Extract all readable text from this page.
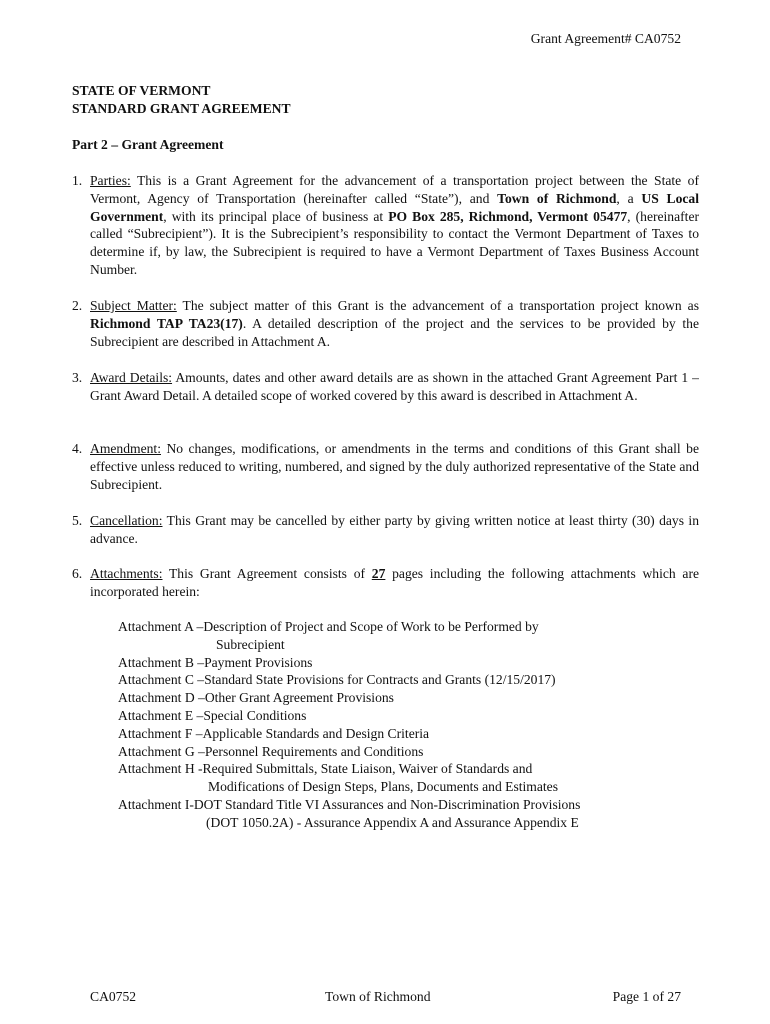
Grant Agreement# CA0752
STATE OF VERMONT
STANDARD GRANT AGREEMENT
Part 2 – Grant Agreement
1. Parties: This is a Grant Agreement for the advancement of a transportation project between the State of Vermont, Agency of Transportation (hereinafter called “State”), and Town of Richmond, a US Local Government, with its principal place of business at PO Box 285, Richmond, Vermont 05477, (hereinafter called “Subrecipient”). It is the Subrecipient’s responsibility to contact the Vermont Department of Taxes to determine if, by law, the Subrecipient is required to have a Vermont Department of Taxes Business Account Number.
2. Subject Matter: The subject matter of this Grant is the advancement of a transportation project known as Richmond TAP TA23(17). A detailed description of the project and the services to be provided by the Subrecipient are described in Attachment A.
3. Award Details: Amounts, dates and other award details are as shown in the attached Grant Agreement Part 1 – Grant Award Detail. A detailed scope of worked covered by this award is described in Attachment A.
4. Amendment: No changes, modifications, or amendments in the terms and conditions of this Grant shall be effective unless reduced to writing, numbered, and signed by the duly authorized representative of the State and Subrecipient.
5. Cancellation: This Grant may be cancelled by either party by giving written notice at least thirty (30) days in advance.
6. Attachments: This Grant Agreement consists of 27 pages including the following attachments which are incorporated herein:
Attachment A –Description of Project and Scope of Work to be Performed by
Subrecipient
Attachment B –Payment Provisions
Attachment C –Standard State Provisions for Contracts and Grants (12/15/2017)
Attachment D –Other Grant Agreement Provisions
Attachment E –Special Conditions
Attachment F –Applicable Standards and Design Criteria
Attachment G –Personnel Requirements and Conditions
Attachment H -Required Submittals, State Liaison, Waiver of Standards and
Modifications of Design Steps, Plans, Documents and Estimates
Attachment I-DOT Standard Title VI Assurances and Non-Discrimination Provisions
(DOT 1050.2A) - Assurance Appendix A and Assurance Appendix E
CA0752	Town of Richmond	Page 1 of 27
